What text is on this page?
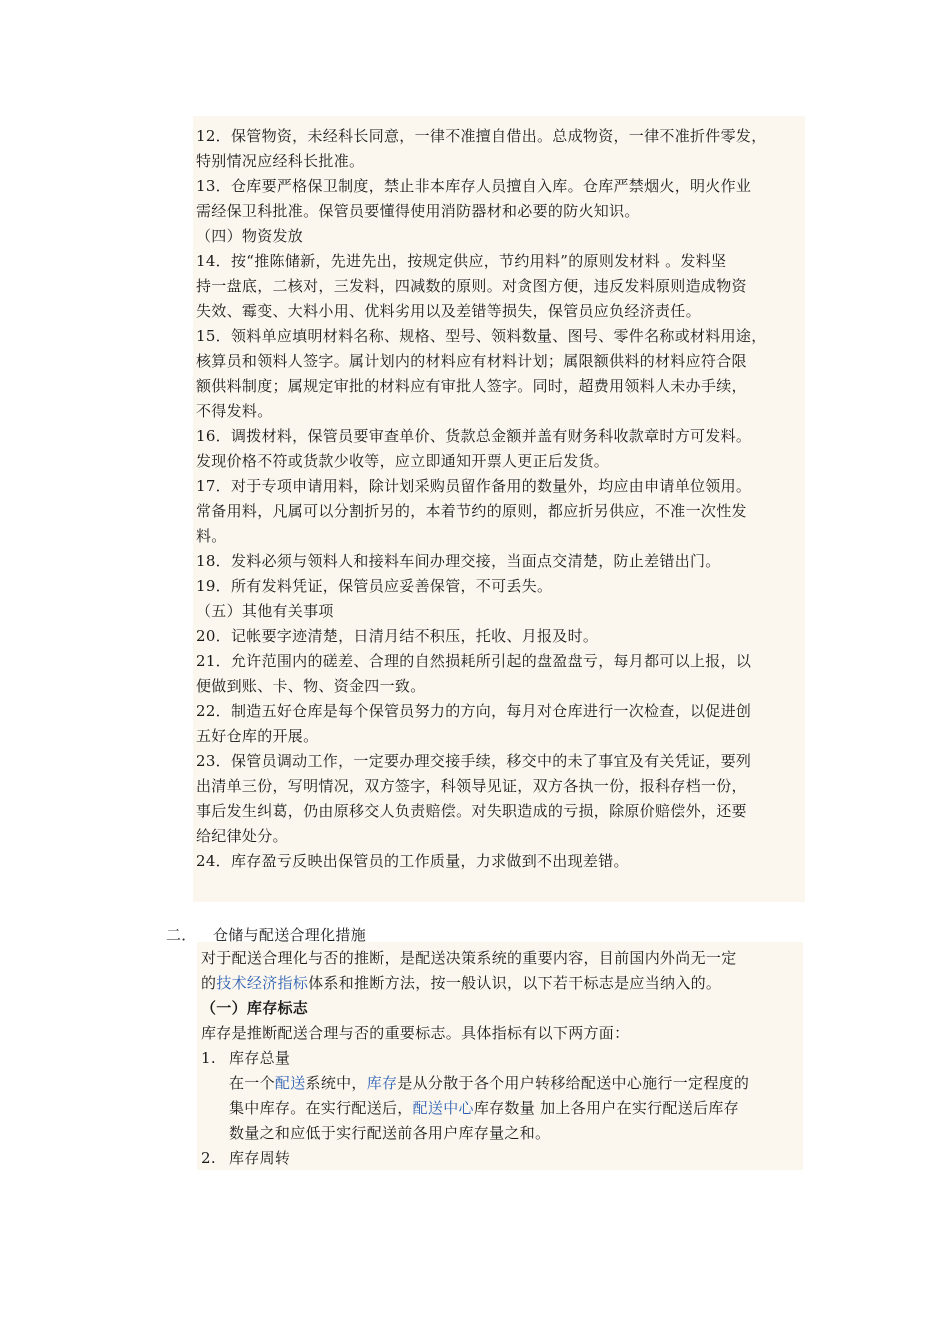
12．保管物资，未经科长同意，一律不准擅自借出。总成物资，一律不准折件零发，
特别情况应经科长批准。
13．仓库要严格保卫制度，禁止非本库存人员擅自入库。仓库严禁烟火，明火作业
需经保卫科批准。保管员要懂得使用消防器材和必要的防火知识。
（四）物资发放
14．按“推陈储新，先进先出，按规定供应，节约用料”的原则发材料 。发料坚
持一盘底，二核对，三发料，四减数的原则。对贪图方便，违反发料原则造成物资
失效、霉变、大料小用、优料劣用以及差错等损失，保管员应负经济责任。
15．领料单应填明材料名称、规格、型号、领料数量、图号、零件名称或材料用途，
核算员和领料人签字。属计划内的材料应有材料计划；属限额供料的材料应符合限
额供料制度；属规定审批的材料应有审批人签字。同时，超费用领料人未办手续，
不得发料。
16．调拨材料，保管员要审查单价、货款总金额并盖有财务科收款章时方可发料。
发现价格不符或货款少收等，应立即通知开票人更正后发货。
17．对于专项申请用料，除计划采购员留作备用的数量外，均应由申请单位领用。
常备用料，凡属可以分割折另的，本着节约的原则，都应折另供应，不准一次性发
料。
18．发料必须与领料人和接料车间办理交接，当面点交清楚，防止差错出门。
19．所有发料凭证，保管员应妥善保管，不可丢失。
（五）其他有关事项
20．记帐要字迹清楚，日清月结不积压，托收、月报及时。
21．允许范围内的磋差、合理的自然损耗所引起的盘盈盘亏，每月都可以上报，以
便做到账、卡、物、资金四一致。
22．制造五好仓库是每个保管员努力的方向，每月对仓库进行一次检查，以促进创
五好仓库的开展。
23．保管员调动工作，一定要办理交接手续，移交中的未了事宜及有关凭证，要列
出清单三份，写明情况，双方签字，科领导见证，双方各执一份，报科存档一份，
事后发生纠葛，仍由原移交人负责赔偿。对失职造成的亏损，除原价赔偿外，还要
给纪律处分。
24．库存盈亏反映出保管员的工作质量，力求做到不出现差错。
二． 仓储与配送合理化措施
对于配送合理化与否的推断，是配送决策系统的重要内容，目前国内外尚无一定
的技术经济指标体系和推断方法，按一般认识，以下若干标志是应当纳入的。
（一）库存标志
库存是推断配送合理与否的重要标志。具体指标有以下两方面：
1. 库存总量
在一个配送系统中，库存是从分散于各个用户转移给配送中心施行一定程度的
集中库存。在实行配送后，配送中心库存数量 加上各用户在实行配送后库存
数量之和应低于实行配送前各用户库存量之和。
2. 库存周转
